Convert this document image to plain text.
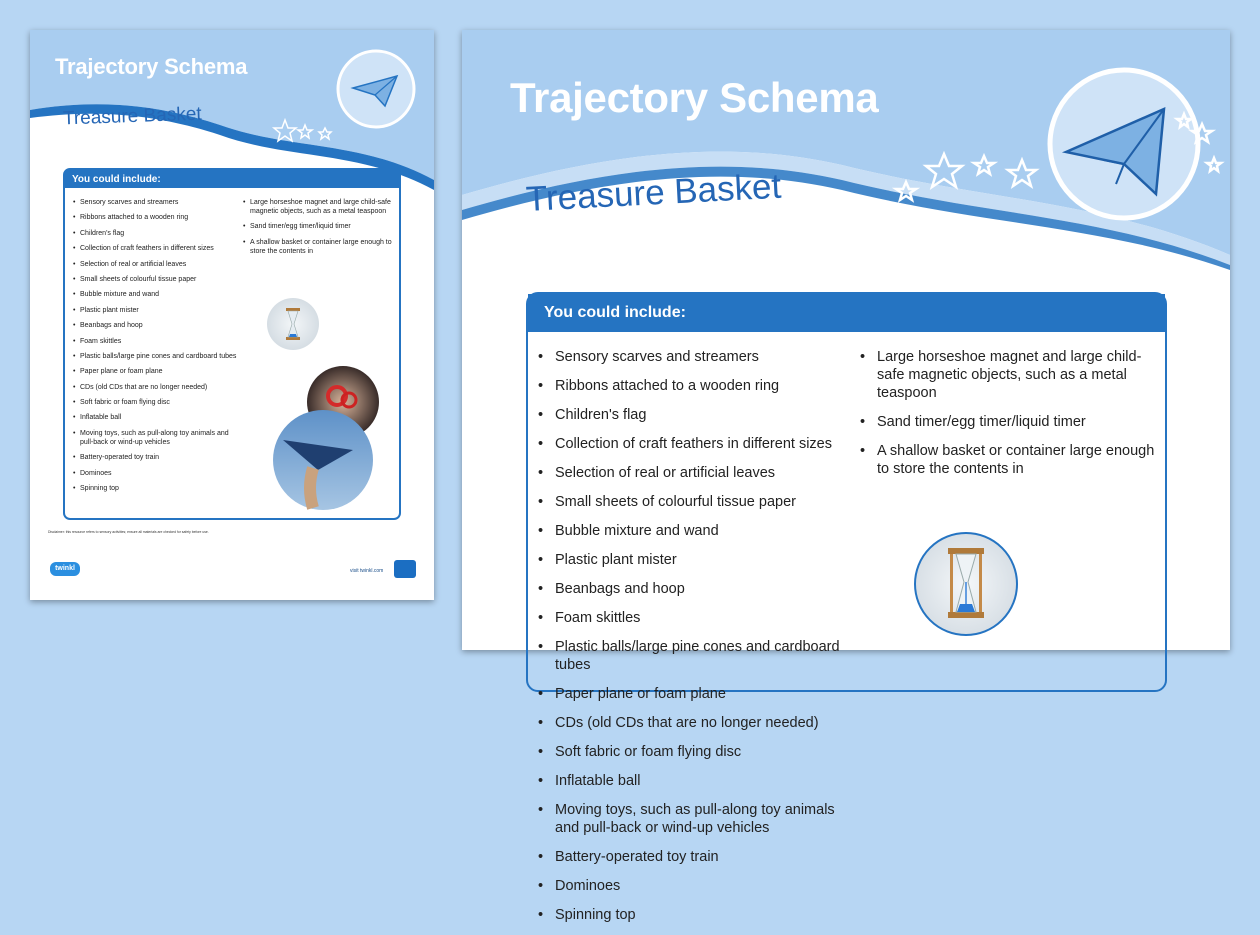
Trajectory Schema
Treasure Basket
You could include:
• Sensory scarves and streamers
• Ribbons attached to a wooden ring
• Children's flag
• Collection of craft feathers in different sizes
• Selection of real or artificial leaves
• Small sheets of colourful tissue paper
• Bubble mixture and wand
• Plastic plant mister
• Beanbags and hoop
• Foam skittles
• Plastic balls/large pine cones and cardboard tubes
• Paper plane or foam plane
• CDs (old CDs that are no longer needed)
• Soft fabric or foam flying disc
• Inflatable ball
• Moving toys, such as pull-along toy animals and pull-back or wind-up vehicles
• Battery-operated toy train
• Dominoes
• Spinning top
• Large horseshoe magnet and large child-safe magnetic objects, such as a metal teaspoon
• Sand timer/egg timer/liquid timer
• A shallow basket or container large enough to store the contents in
Disclaimer: this resource refers to sensory activities; ensure all materials are checked for safety before use.
twinkl	visit twinkl.com
Trajectory Schema
Treasure Basket
You could include:
• Sensory scarves and streamers
• Ribbons attached to a wooden ring
• Children's flag
• Collection of craft feathers in different sizes
• Selection of real or artificial leaves
• Small sheets of colourful tissue paper
• Bubble mixture and wand
• Plastic plant mister
• Beanbags and hoop
• Foam skittles
• Plastic balls/large pine cones and cardboard tubes
• Paper plane or foam plane
• CDs (old CDs that are no longer needed)
• Soft fabric or foam flying disc
• Inflatable ball
• Moving toys, such as pull-along toy animals and pull-back or wind-up vehicles
• Battery-operated toy train
• Dominoes
• Spinning top
• Large horseshoe magnet and large child-safe magnetic objects, such as a metal teaspoon
• Sand timer/egg timer/liquid timer
• A shallow basket or container large enough to store the contents in
